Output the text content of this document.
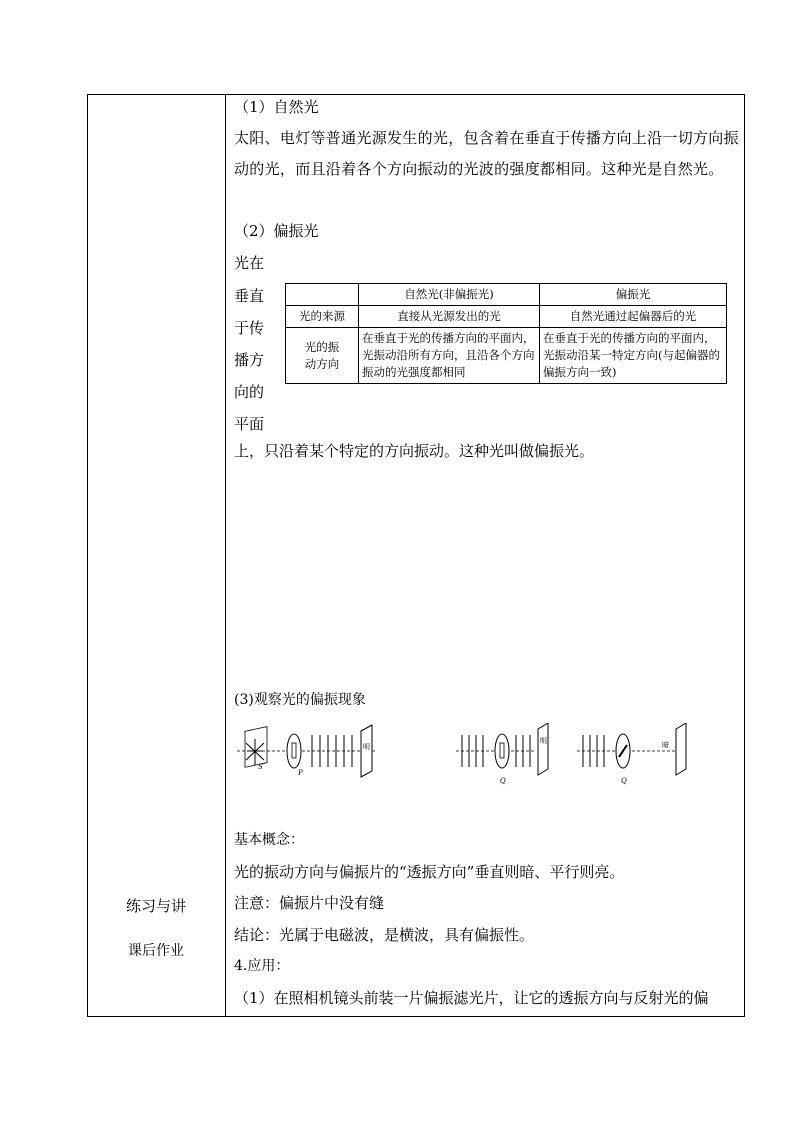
练习与讲
课后作业
（1）自然光
太阳、电灯等普通光源发生的光，包含着在垂直于传播方向上沿一切方向振动的光，而且沿着各个方向振动的光波的强度都相同。这种光是自然光。
（2）偏振光
光在
垂直
于传
播方
向的
平面
	自然光(非偏振光)	偏振光
光的来源	直接从光源发出的光	自然光通过起偏器后的光
光的振动方向	在垂直于光的传播方向的平面内，光振动沿所有方向，且沿各个方向振动的光强度都相同	在垂直于光的传播方向的平面内，光振动沿某一特定方向(与起偏器的偏振方向一致)
上，只沿着某个特定的方向振动。这种光叫做偏振光。
(3)观察光的偏振现象
S
P
明
明
Q
暗
Q
基本概念：
光的振动方向与偏振片的“透振方向”垂直则暗、平行则亮。
注意：偏振片中没有缝
结论：光属于电磁波，是横波，具有偏振性。
4.应用：
（1）在照相机镜头前装一片偏振滤光片，让它的透振方向与反射光的偏
